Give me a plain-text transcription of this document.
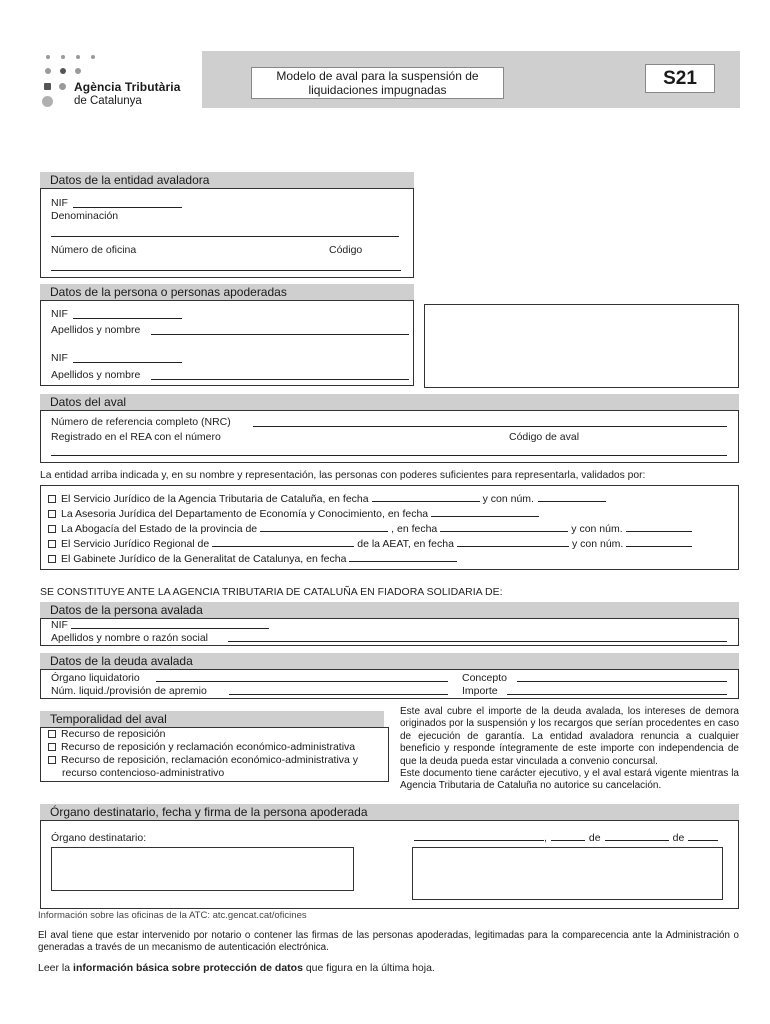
Agència Tributària
de Catalunya
Modelo de aval para la suspensión de
liquidaciones impugnadas
S21
Datos de la entidad avaladora
NIF
Denominación
Número de oficina	Código
Datos de la persona o personas apoderadas
NIF
Apellidos y nombre
NIF
Apellidos y nombre
Datos del aval
Número de referencia completo (NRC)
Registrado en el REA con el número	Código de aval
La entidad arriba indicada y, en su nombre y representación, las personas con poderes suficientes para representarla, validados por:
El Servicio Jurídico de la Agencia Tributaria de Cataluña, en fecha	y con núm.
La Asesoria Jurídica del Departamento de Economía y Conocimiento, en fecha
La Abogacía del Estado de la provincia de	, en fecha	y con núm.
El Servicio Jurídico Regional de	de la AEAT, en fecha	y con núm.
El Gabinete Jurídico de la Generalitat de Catalunya, en fecha
SE CONSTITUYE ANTE LA AGENCIA TRIBUTARIA DE CATALUÑA EN FIADORA SOLIDARIA DE:
Datos de la persona avalada
NIF
Apellidos y nombre o razón social
Datos de la deuda avalada
Órgano liquidatorio	Concepto
Núm. liquid./provisión de apremio	Importe
Temporalidad del aval
Recurso de reposición
Recurso de reposición y reclamación económico-administrativa
Recurso de reposición, reclamación económico-administrativa y
recurso contencioso-administrativo
Este aval cubre el importe de la deuda avalada, los intereses de demora originados por la suspensión y los recargos que serían procedentes en caso de ejecución de garantía. La entidad avaladora renuncia a cualquier beneficio y responde íntegramente de este importe con independencia de que la deuda pueda estar vinculada a convenio concursal.
Este documento tiene carácter ejecutivo, y el aval estará vigente mientras la Agencia Tributaria de Cataluña no autorice su cancelación.
Órgano destinatario, fecha y firma de la persona apoderada
Órgano destinatario:	,	de	de
Información sobre las oficinas de la ATC: atc.gencat.cat/oficines
El aval tiene que estar intervenido por notario o contener las firmas de las personas apoderadas, legitimadas para la comparecencia ante la Administración o generadas a través de un mecanismo de autenticación electrónica.
Leer la información básica sobre protección de datos que figura en la última hoja.
